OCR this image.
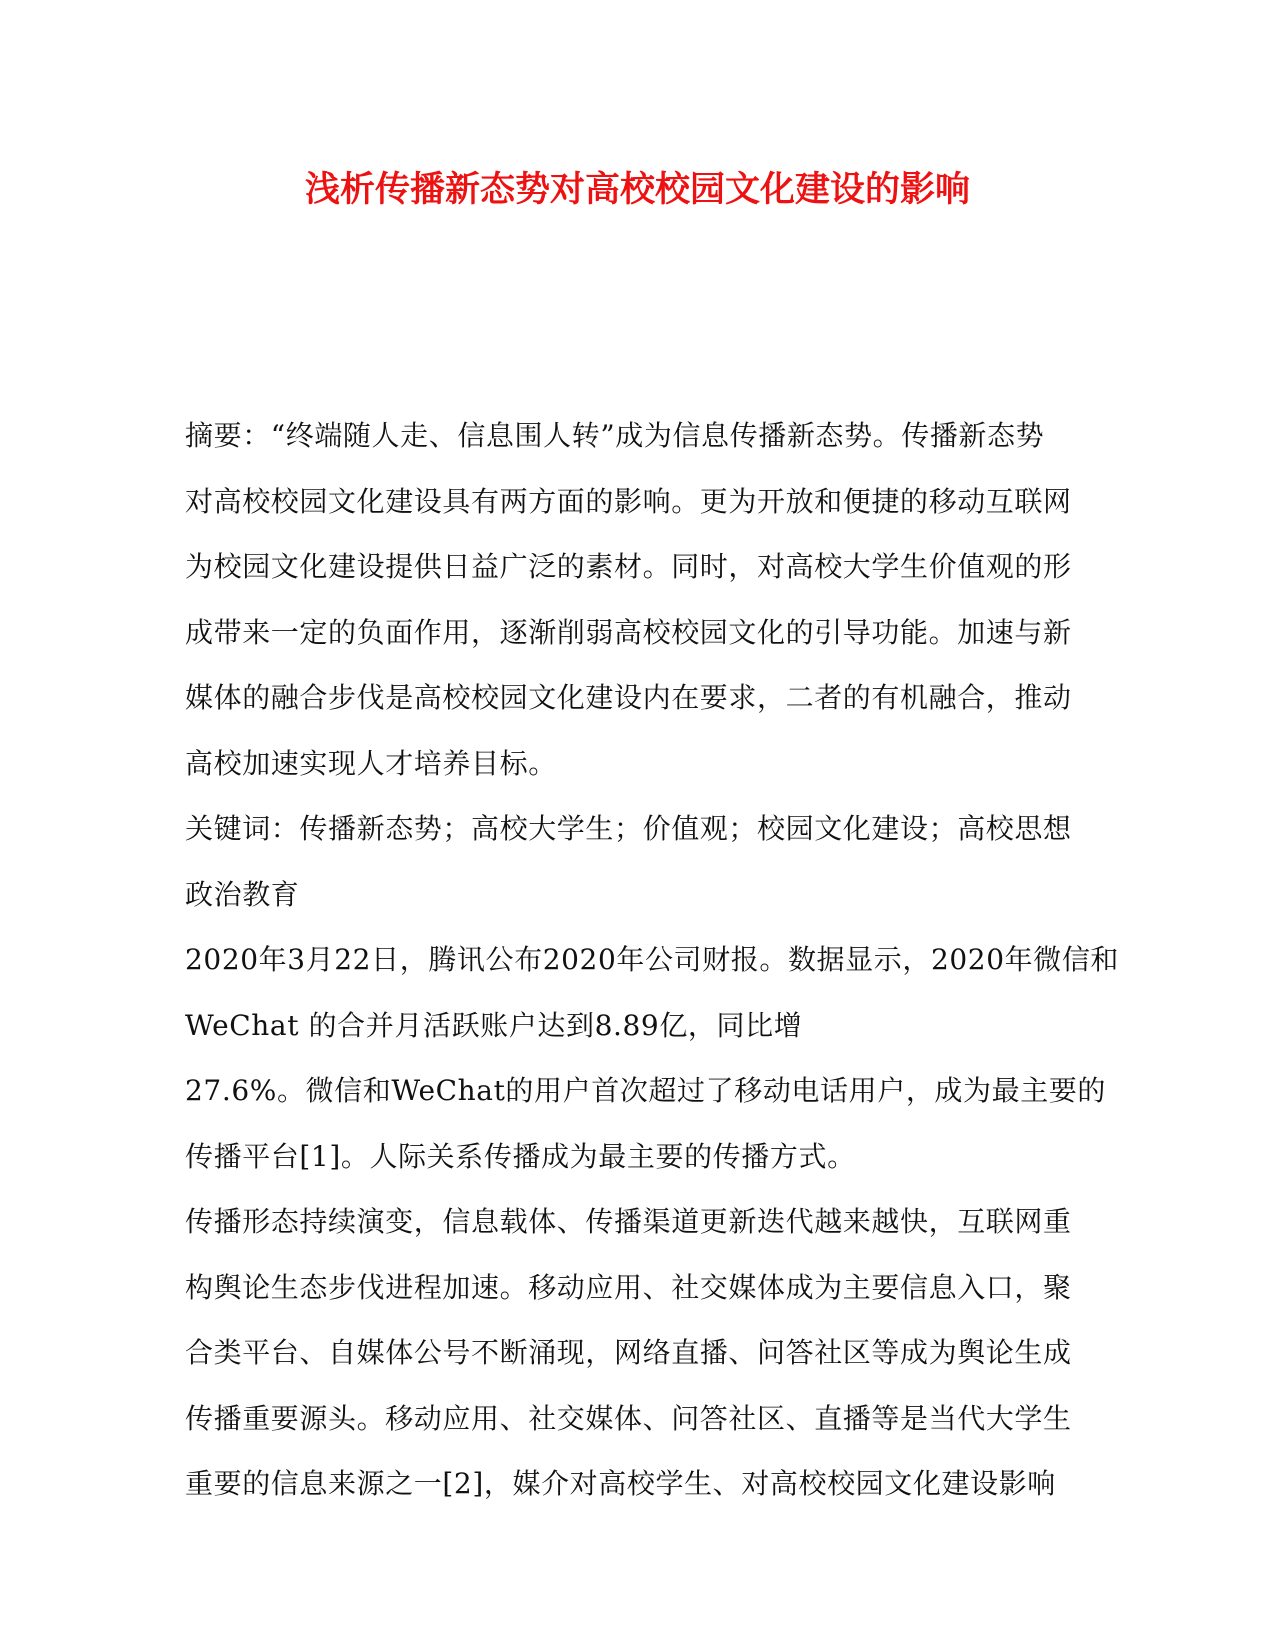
浅析传播新态势对高校校园文化建设的影响
摘要：“终端随人走、信息围人转”成为信息传播新态势。传播新态势
对高校校园文化建设具有两方面的影响。更为开放和便捷的移动互联网
为校园文化建设提供日益广泛的素材。同时，对高校大学生价值观的形
成带来一定的负面作用，逐渐削弱高校校园文化的引导功能。加速与新
媒体的融合步伐是高校校园文化建设内在要求，二者的有机融合，推动
高校加速实现人才培养目标。
关键词：传播新态势；高校大学生；价值观；校园文化建设；高校思想
政治教育
2020年3月22日，腾讯公布2020年公司财报。数据显示，2020年微信和
WeChat 的合并月活跃账户达到8.89亿，同比增
27.6%。微信和WeChat的用户首次超过了移动电话用户，成为最主要的
传播平台[1]。人际关系传播成为最主要的传播方式。
传播形态持续演变，信息载体、传播渠道更新迭代越来越快，互联网重
构舆论生态步伐进程加速。移动应用、社交媒体成为主要信息入口，聚
合类平台、自媒体公号不断涌现，网络直播、问答社区等成为舆论生成
传播重要源头。移动应用、社交媒体、问答社区、直播等是当代大学生
重要的信息来源之一[2]，媒介对高校学生、对高校校园文化建设影响
